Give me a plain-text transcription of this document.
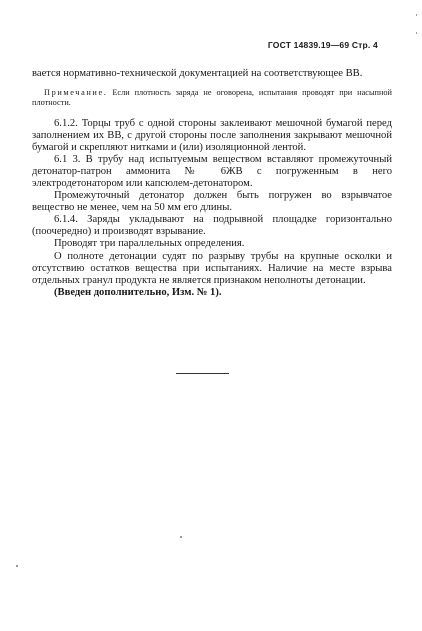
ГОСТ 14839.19—69 Стр. 4

вается нормативно-технической документацией на соответствующее ВВ.

Примечание. Если плотность заряда не оговорена, испытания проводят при насыпной плотности.

6.1.2. Торцы труб с одной стороны заклеивают мешочной бумагой перед заполнением их ВВ, с другой стороны после заполнения закрывают мешочной бумагой и скрепляют нитками и (или) изоляционной лентой.

6.1 3. В трубу над испытуемым веществом вставляют промежуточный детонатор-патрон аммонита № 6ЖВ с погруженным в него электродетонатором или капсюлем-детонатором.

Промежуточный детонатор должен быть погружен во взрывчатое вещество не менее, чем на 50 мм его длины.

6.1.4. Заряды укладывают на подрывной площадке горизонтально (поочередно) и производят взрывание.

Проводят три параллельных определения.

О полноте детонации судят по разрыву трубы на крупные осколки и отсутствию остатков вещества при испытаниях. Наличие на месте взрыва отдельных гранул продукта не является признаком неполноты детонации.

(Введен дополнительно, Изм. № 1).
